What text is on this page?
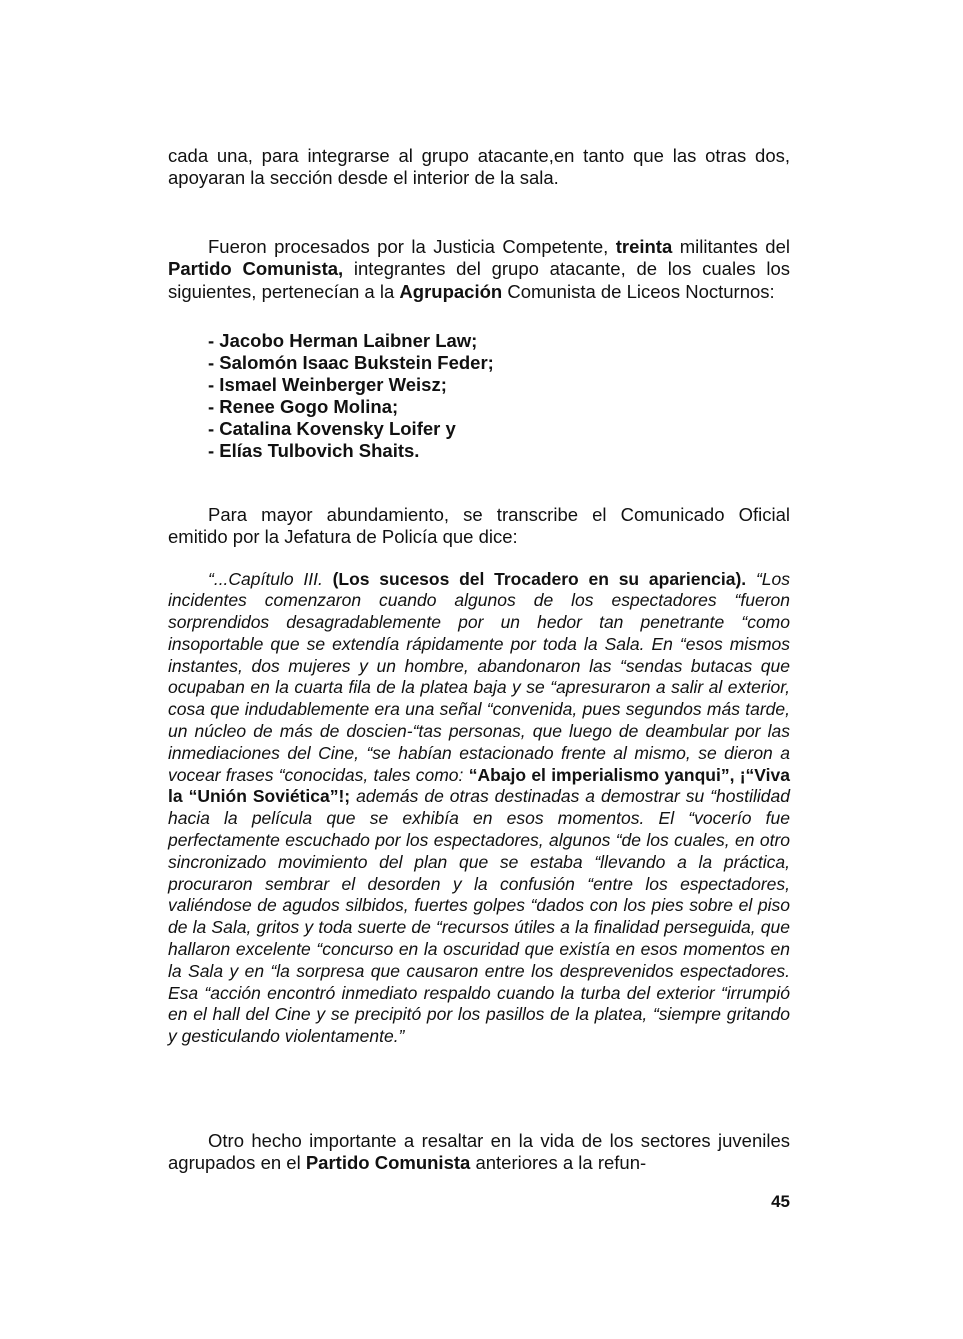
cada una, para integrarse al grupo atacante,en tanto que las otras dos, apoyaran la sección desde el interior de la sala.

Fueron procesados por la Justicia Competente, treinta militantes del Partido Comunista, integrantes del grupo atacante, de los cuales los siguientes, pertenecían a la Agrupación Comunista de Liceos Nocturnos:

- Jacobo Herman Laibner Law;
- Salomón Isaac Bukstein Feder;
- Ismael Weinberger Weisz;
- Renee Gogo Molina;
- Catalina Kovensky Loifer y
- Elías Tulbovich Shaits.

Para mayor abundamiento, se transcribe el Comunicado Oficial emitido por la Jefatura de Policía que dice:

“...Capítulo III. (Los sucesos del Trocadero en su apariencia). “Los incidentes comenzaron cuando algunos de los espectadores “fueron sorprendidos desagradablemente por un hedor tan penetrante “como insoportable que se extendía rápidamente por toda la Sala. En “esos mismos instantes, dos mujeres y un hombre, abandonaron las “sendas butacas que ocupaban en la cuarta fila de la platea baja y se “apresuraron a salir al exterior, cosa que indudablemente era una señal “convenida, pues segundos más tarde, un núcleo de más de doscien-“tas personas, que luego de deambular por las inmediaciones del Cine, “se habían estacionado frente al mismo, se dieron a vocear frases “conocidas, tales como: “Abajo el imperialismo yanqui”, ¡“Viva la “Unión Soviética”!; además de otras destinadas a demostrar su “hostilidad hacia la película que se exhibía en esos momentos. El “vocerío fue perfectamente escuchado por los espectadores, algunos “de los cuales, en otro sincronizado movimiento del plan que se estaba “llevando a la práctica, procuraron sembrar el desorden y la confusión “entre los espectadores, valiéndose de agudos silbidos, fuertes golpes “dados con los pies sobre el piso de la Sala, gritos y toda suerte de “recursos útiles a la finalidad perseguida, que hallaron excelente “concurso en la oscuridad que existía en esos momentos en la Sala y en “la sorpresa que causaron entre los desprevenidos espectadores. Esa “acción encontró inmediato respaldo cuando la turba del exterior “irrumpió en el hall del Cine y se precipitó por los pasillos de la platea, “siempre gritando y gesticulando violentamente.”

Otro hecho importante a resaltar en la vida de los sectores juveniles agrupados en el Partido Comunista anteriores a la refun-

45
